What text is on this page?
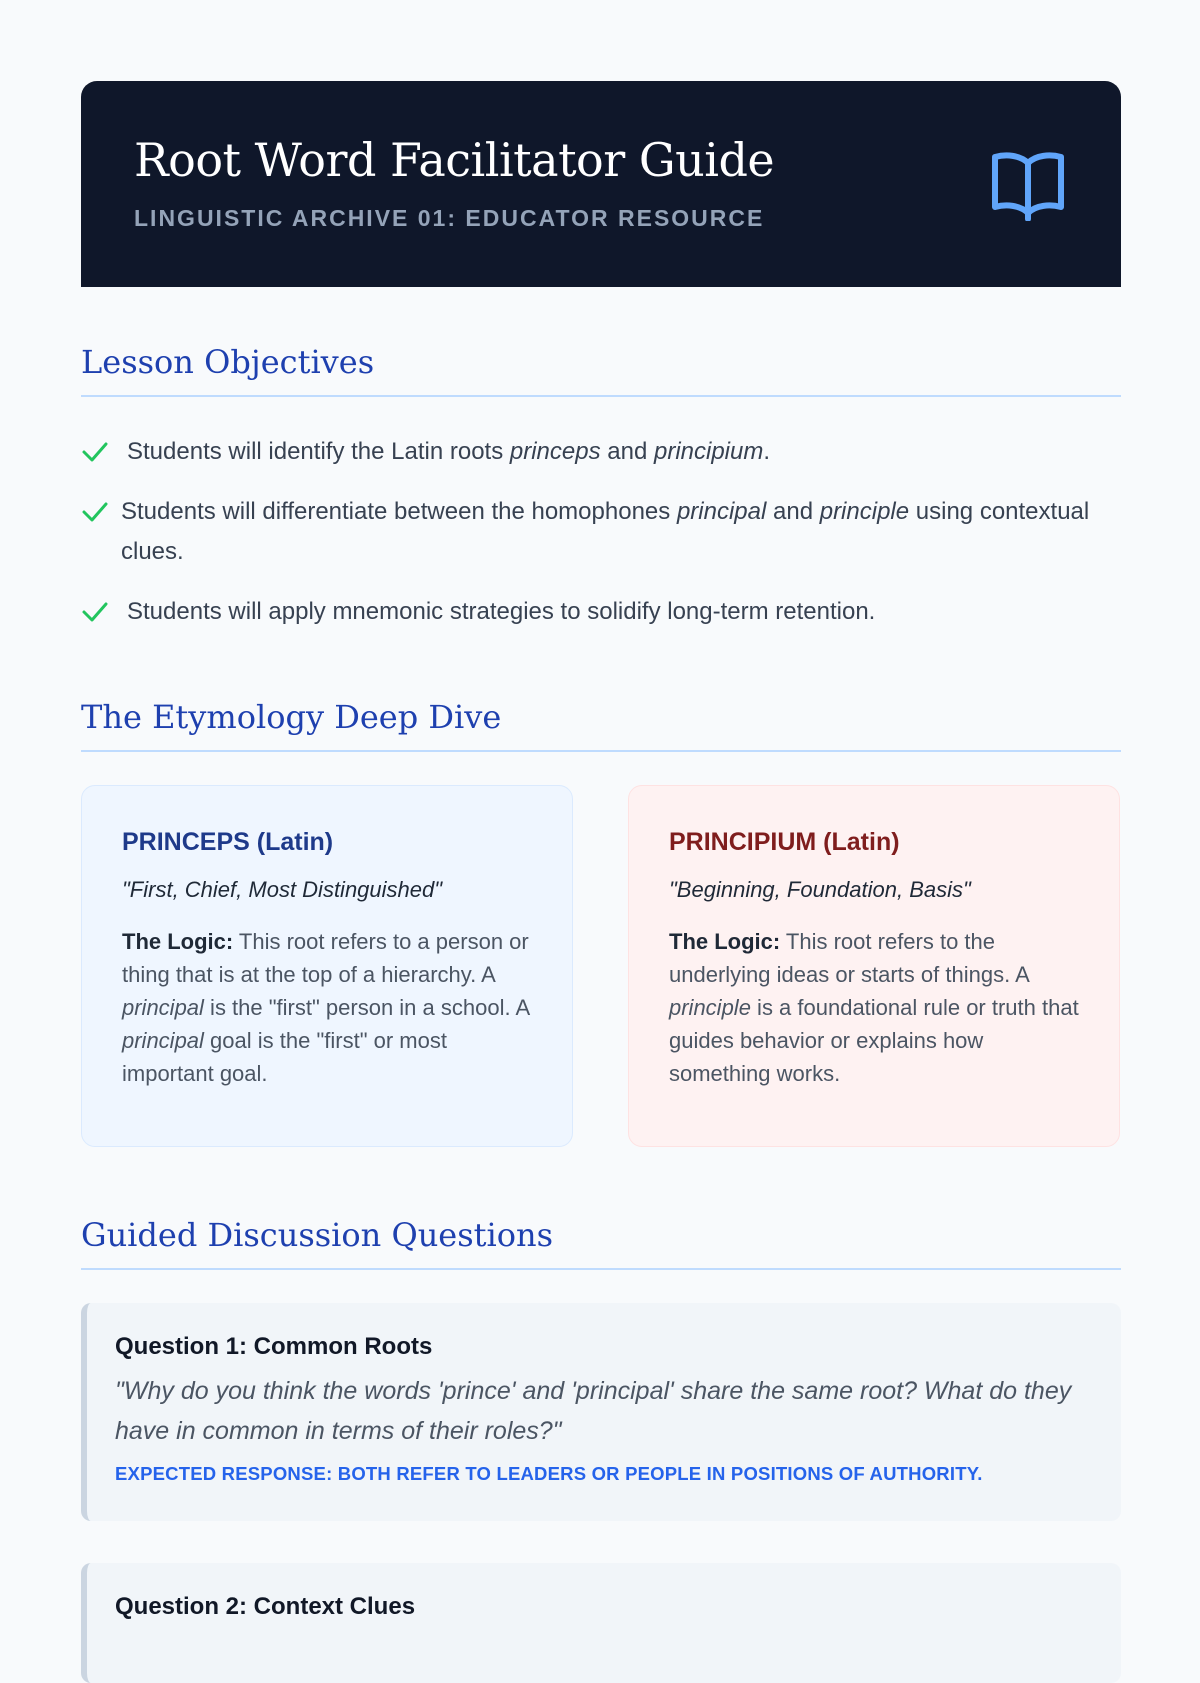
Root Word Facilitator Guide
LINGUISTIC ARCHIVE 01: EDUCATOR RESOURCE
Lesson Objectives
Students will identify the Latin roots princeps and principium.
Students will differentiate between the homophones principal and principle using contextual clues.
Students will apply mnemonic strategies to solidify long-term retention.
The Etymology Deep Dive
PRINCEPS (Latin)
"First, Chief, Most Distinguished"
The Logic: This root refers to a person or thing that is at the top of a hierarchy. A principal is the "first" person in a school. A principal goal is the "first" or most important goal.
PRINCIPIUM (Latin)
"Beginning, Foundation, Basis"
The Logic: This root refers to the underlying ideas or starts of things. A principle is a foundational rule or truth that guides behavior or explains how something works.
Guided Discussion Questions
Question 1: Common Roots
"Why do you think the words 'prince' and 'principal' share the same root? What do they have in common in terms of their roles?"
EXPECTED RESPONSE: BOTH REFER TO LEADERS OR PEOPLE IN POSITIONS OF AUTHORITY.
Question 2: Context Clues
